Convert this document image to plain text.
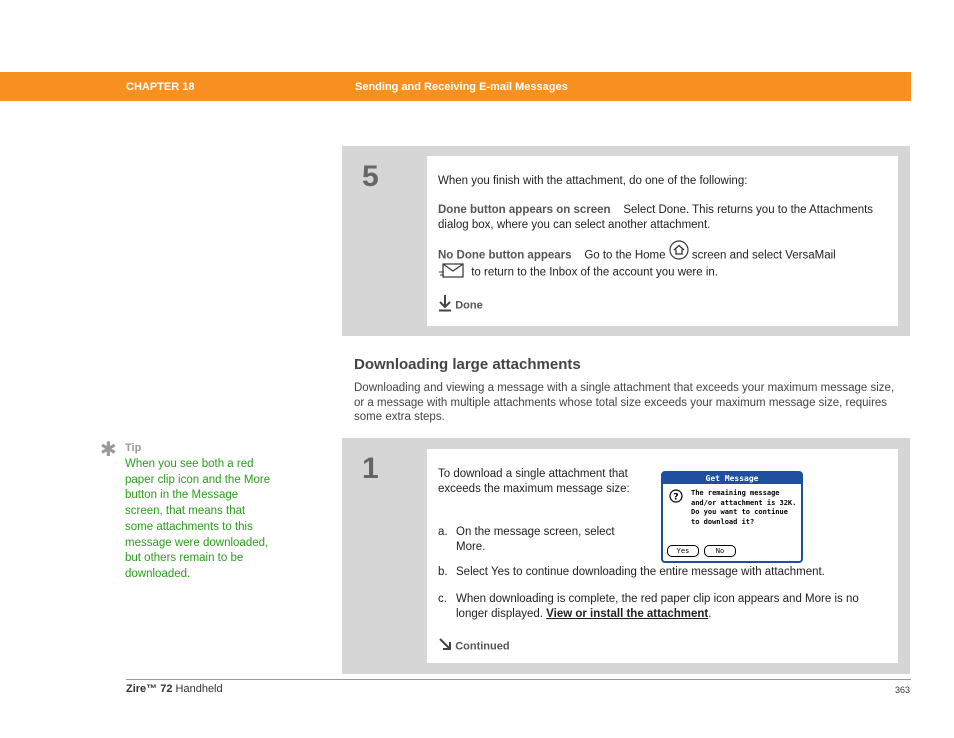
CHAPTER 18	Sending and Receiving E-mail Messages
5	When you finish with the attachment, do one of the following:
Done button appears on screen Select Done. This returns you to the Attachments dialog box, where you can select another attachment.
No Done button appears Go to the Home screen and select VersaMail
to return to the Inbox of the account you were in.
Done
Downloading large attachments
Downloading and viewing a message with a single attachment that exceeds your maximum message size, or a message with multiple attachments whose total size exceeds your maximum message size, requires some extra steps.
✱ Tip
When you see both a red paper clip icon and the More button in the Message screen, that means that some attachments to this message were downloaded, but others remain to be downloaded.
1	To download a single attachment that exceeds the maximum message size:
a. On the message screen, select More.
Get Message
? The remaining message and/or attachment is 32K. Do you want to continue to download it?
Yes	No
b. Select Yes to continue downloading the entire message with attachment.
c. When downloading is complete, the red paper clip icon appears and More is no longer displayed. View or install the attachment.
Continued
Zire™ 72 Handheld	363
